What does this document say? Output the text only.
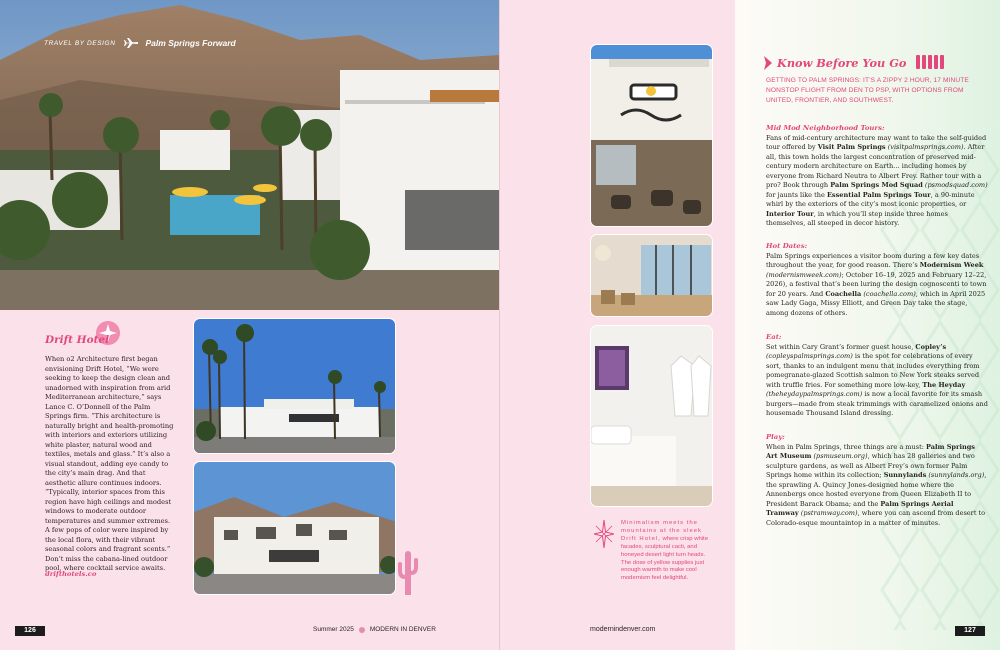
TRAVEL BY DESIGN	Palm Springs Forward
Drift Hotel
When o2 Architecture first began envisioning Drift Hotel, “We were seeking to keep the design clean and unadorned with inspiration from arid Mediterranean architecture,” says Lance C. O’Donnell of the Palm Springs firm. “This architecture is naturally bright and health-promoting with interiors and exteriors utilizing white plaster, natural wood and textiles, metals and glass.” It’s also a visual standout, adding eye candy to the city’s main drag. And that aesthetic allure continues indoors. “Typically, interior spaces from this region have high ceilings and modest windows to moderate outdoor temperatures and summer extremes. A few pops of color were inspired by the local flora, with their vibrant seasonal colors and fragrant scents.” Don’t miss the cabana-lined outdoor pool, where cocktail service awaits.
drifthotels.co
Minimalism meets the mountains at the sleek Drift Hotel, where crisp white facades, sculptural cacti, and honeyed desert light turn heads. The dose of yellow supplies just enough warmth to make cool modernism feel delightful.
Know Before You Go
GETTING TO PALM SPRINGS: IT’S A ZIPPY 2 HOUR, 17 MINUTE NONSTOP FLIGHT FROM DEN TO PSP, WITH OPTIONS FROM UNITED, FRONTIER, AND SOUTHWEST.
Mid Mod Neighborhood Tours:
Fans of mid-century architecture may want to take the self-guided tour offered by Visit Palm Springs (visitpalmsprings.com). After all, this town holds the largest concentration of preserved mid-century modern architecture on Earth… including homes by everyone from Richard Neutra to Albert Frey. Rather tour with a pro? Book through Palm Springs Mod Squad (psmodsquad.com) for jaunts like the Essential Palm Springs Tour, a 90-minute whirl by the exteriors of the city’s most iconic properties, or Interior Tour, in which you’ll step inside three homes themselves, all steeped in decor history.
Hot Dates:
Palm Springs experiences a visitor boom during a few key dates throughout the year, for good reason. There’s Modernism Week (modernismweek.com); October 16–19, 2025 and February 12–22, 2026), a festival that’s been luring the design cognoscenti to town for 20 years. And Coachella (coachella.com), which in April 2025 saw Lady Gaga, Missy Elliott, and Green Day take the stage, among dozens of others.
Eat:
Set within Cary Grant’s former guest house, Copley’s (copleyspalmsprings.com) is the spot for celebrations of every sort, thanks to an indulgent menu that includes everything from pomegranate-glazed Scottish salmon to New York steaks served with truffle fries. For something more low-key, The Heyday (theheydaypalmsprings.com) is now a local favorite for its smash burgers—made from steak trimmings with caramelized onions and housemade Thousand Island dressing.
Play:
When in Palm Springs, three things are a must: Palm Springs Art Museum (psmuseum.org), which has 28 galleries and two sculpture gardens, as well as Albert Frey’s own former Palm Springs home within its collection; Sunnylands (sunnylands.org), the sprawling A. Quincy Jones-designed home where the Annenbergs once hosted everyone from Queen Elizabeth II to President Barack Obama; and the Palm Springs Aerial Tramway (pstramway.com), where you can ascend from desert to Colorado-esque mountaintop in a matter of minutes.
126	Summer 2025 MODERN IN DENVER	modernindenver.com	127
